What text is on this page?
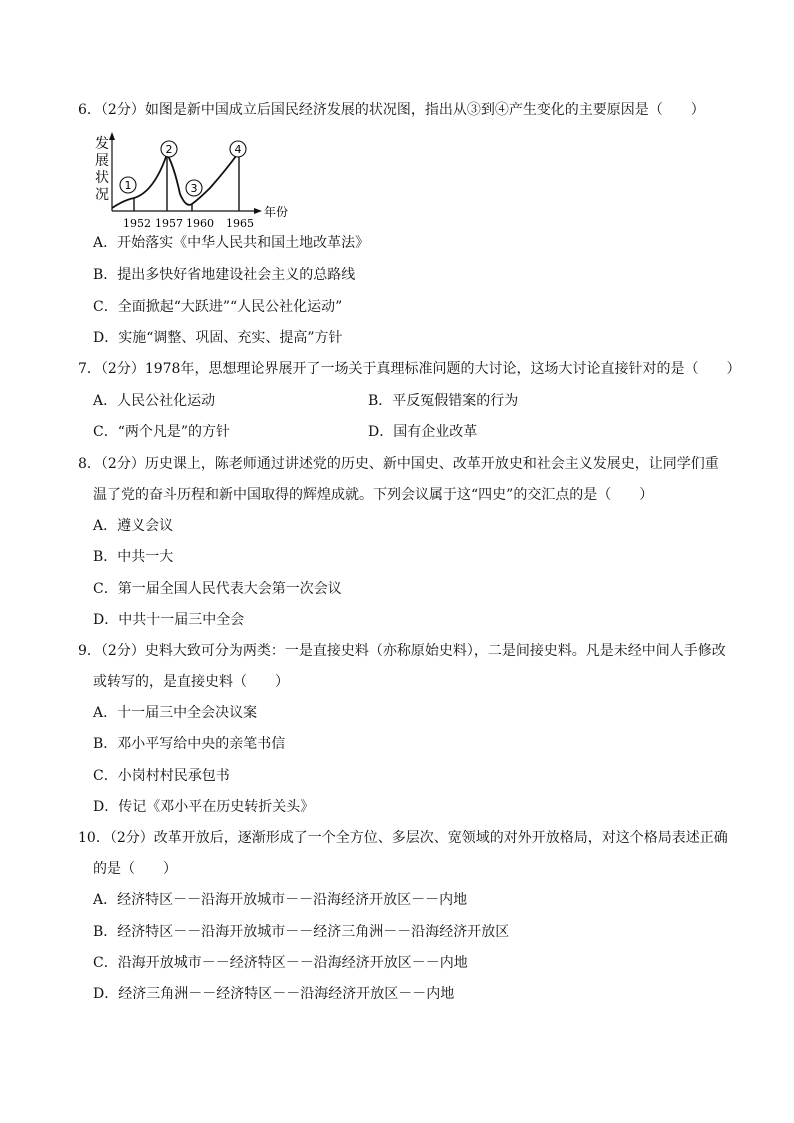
6．（2分）如图是新中国成立后国民经济发展的状况图，指出从③到④产生变化的主要原因是（　　）
发
展
状
况
年份
1952 1957 1960 1965
1
2
3
4
A．开始落实《中华人民共和国土地改革法》
B．提出多快好省地建设社会主义的总路线
C．全面掀起“大跃进”“人民公社化运动”
D．实施“调整、巩固、充实、提高”方针
7．（2分）1978年，思想理论界展开了一场关于真理标准问题的大讨论，这场大讨论直接针对的是（　　）
A．人民公社化运动	B．平反冤假错案的行为
C．“两个凡是”的方针	D．国有企业改革
8．（2分）历史课上，陈老师通过讲述党的历史、新中国史、改革开放史和社会主义发展史，让同学们重
温了党的奋斗历程和新中国取得的辉煌成就。下列会议属于这“四史”的交汇点的是（　　）
A．遵义会议
B．中共一大
C．第一届全国人民代表大会第一次会议
D．中共十一届三中全会
9．（2分）史料大致可分为两类：一是直接史料（亦称原始史料），二是间接史料。凡是未经中间人手修改
或转写的，是直接史料（　　）
A．十一届三中全会决议案
B．邓小平写给中央的亲笔书信
C．小岗村村民承包书
D．传记《邓小平在历史转折关头》
10．（2分）改革开放后，逐渐形成了一个全方位、多层次、宽领域的对外开放格局，对这个格局表述正确
的是（　　）
A．经济特区－－沿海开放城市－－沿海经济开放区－－内地
B．经济特区－－沿海开放城市－－经济三角洲－－沿海经济开放区
C．沿海开放城市－－经济特区－－沿海经济开放区－－内地
D．经济三角洲－－经济特区－－沿海经济开放区－－内地
